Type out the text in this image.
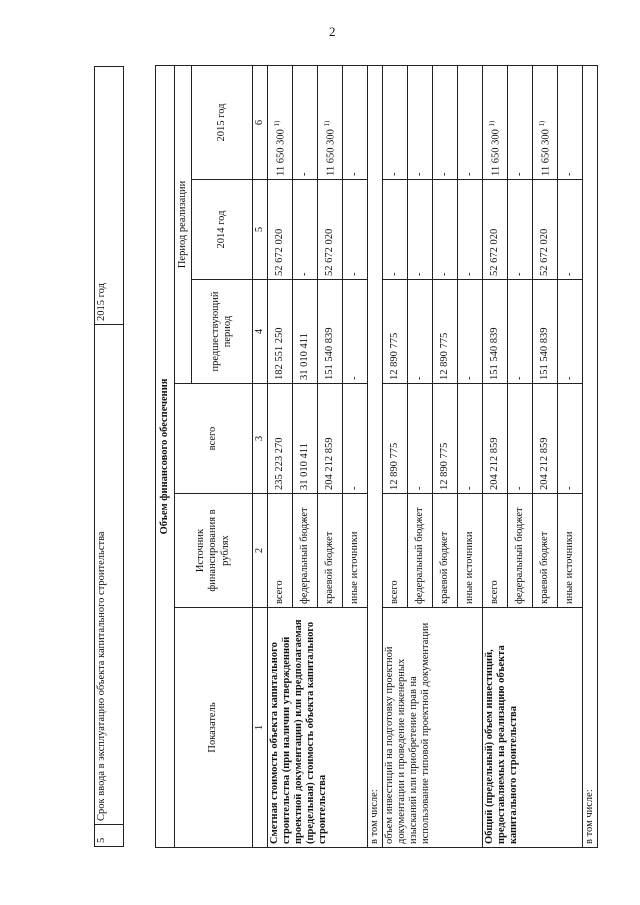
2
5	Срок ввода в эксплуатацию объекта капитального строительства	2015 год
Объем финансового обеспечения					
Показатель	Источник финансирования в рублях	всего	Период реализации		
			предшествующий период	2014 год	2015 год
1	2	3	4	5	6
Сметная стоимость объекта капитального строительства (при наличии утвержденной проектной документации) или предполагаемая (предельная) стоимость объекта капитального строительства	всего	235 223 270	182 551 250	52 672 020	11 650 300 $^{1)}$
	федеральный бюджет	31 010 411	31 010 411	-	-
	краевой бюджет	204 212 859	151 540 839	52 672 020	11 650 300 $^{1)}$
	иные источники	-	-	-	-
в том числе:					
объем инвестиций на подготовку проектной документации и проведение инженерных изысканий или приобретение прав на использование типовой проектной документации	всего	12 890 775	12 890 775	-	-
	федеральный бюджет	-	-	-	-
	краевой бюджет	12 890 775	12 890 775	-	-
	иные источники	-	-	-	-
Общий (предельный) объем инвестиций, предоставляемых на реализацию объекта капитального строительства	всего	204 212 859	151 540 839	52 672 020	11 650 300 $^{1)}$
	федеральный бюджет	-	-	-	-
	краевой бюджет	204 212 859	151 540 839	52 672 020	11 650 300 $^{1)}$
	иные источники	-	-	-	-
в том числе:					
